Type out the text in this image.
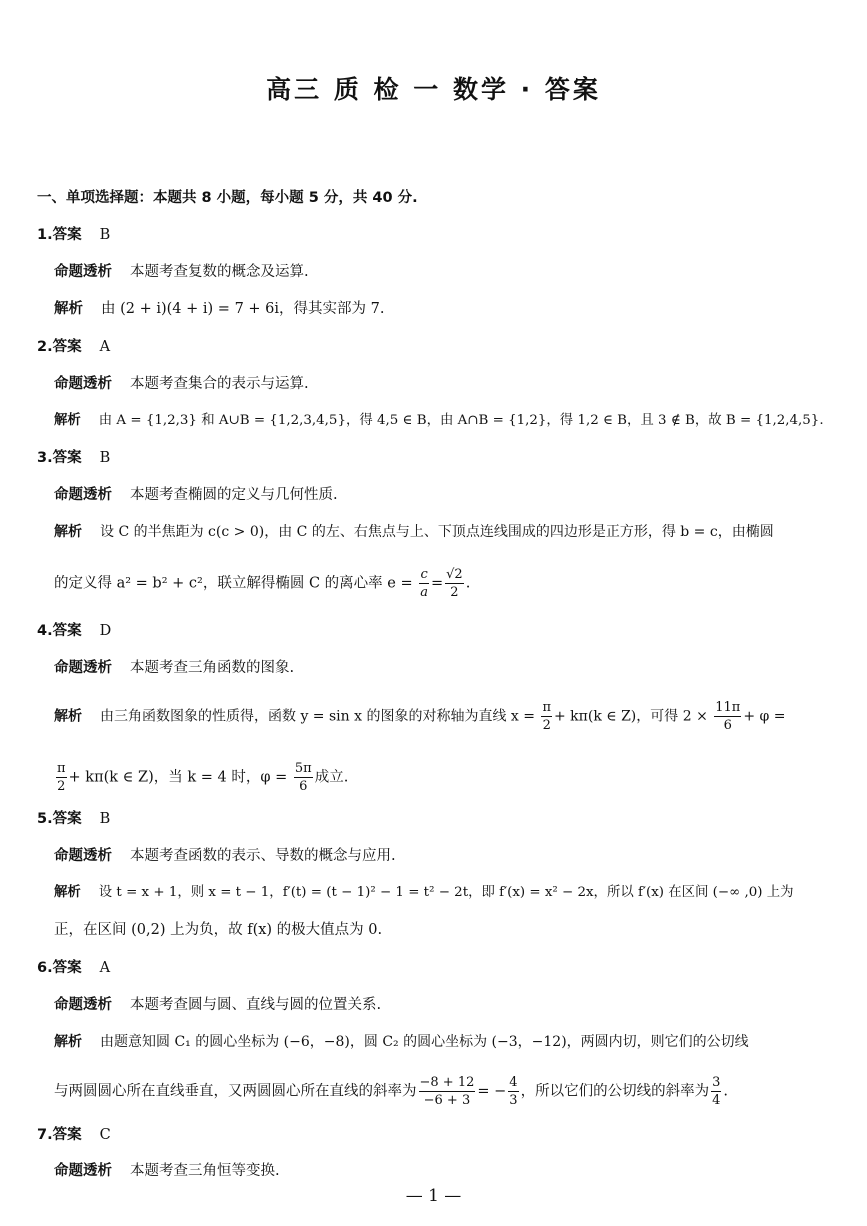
高三 质 检 一 数学 · 答案
一、单项选择题：本题共 8 小题，每小题 5 分，共 40 分.
1.答案 B
命题透析 本题考查复数的概念及运算.
解析 由 (2 + i)(4 + i) = 7 + 6i，得其实部为 7.
2.答案 A
命题透析 本题考查集合的表示与运算.
解析 由 A = {1,2,3} 和 A∪B = {1,2,3,4,5}，得 4,5 ∈ B，由 A∩B = {1,2}，得 1,2 ∈ B，且 3 ∉ B，故 B = {1,2,4,5}.
3.答案 B
命题透析 本题考查椭圆的定义与几何性质.
解析 设 C 的半焦距为 c(c > 0)，由 C 的左、右焦点与上、下顶点连线围成的四边形是正方形，得 b = c，由椭圆
的定义得 a² = b² + c²，联立解得椭圆 C 的离心率 $e = \frac{c}{a} = \frac{√2}{2}$ .
4.答案 D
命题透析 本题考查三角函数的图象.
解析 由三角函数图象的性质得，函数 y = sin x 的图象的对称轴为直线 $x = \frac{\pi}{2} + k\pi(k$ ∈ Z)，可得 $2 \times \frac{11\pi}{6} + \varphi$ =
$\frac{\pi}{2} + k\pi(k$ ∈ Z)，当 k = 4 时，$\varphi = \frac{5\pi}{6}$ 成立.
5.答案 B
命题透析 本题考查函数的表示、导数的概念与应用.
解析 设 t = x + 1，则 x = t − 1，f′(t) = (t − 1)² − 1 = t² − 2t，即 f′(x) = x² − 2x，所以 f′(x) 在区间 (−∞ ,0) 上为
正，在区间 (0,2) 上为负，故 f(x) 的极大值点为 0.
6.答案 A
命题透析 本题考查圆与圆、直线与圆的位置关系.
解析 由题意知圆 C₁ 的圆心坐标为 (−6，−8)，圆 C₂ 的圆心坐标为 (−3，−12)，两圆内切，则它们的公切线
与两圆圆心所在直线垂直，又两圆圆心所在直线的斜率为 $\frac{-8 + 12}{-6 + 3}$ = − $\frac{4}{3}$ ，所以它们的公切线的斜率为 $\frac{3}{4}$ .
7.答案 C
命题透析 本题考查三角恒等变换.
— 1 —
